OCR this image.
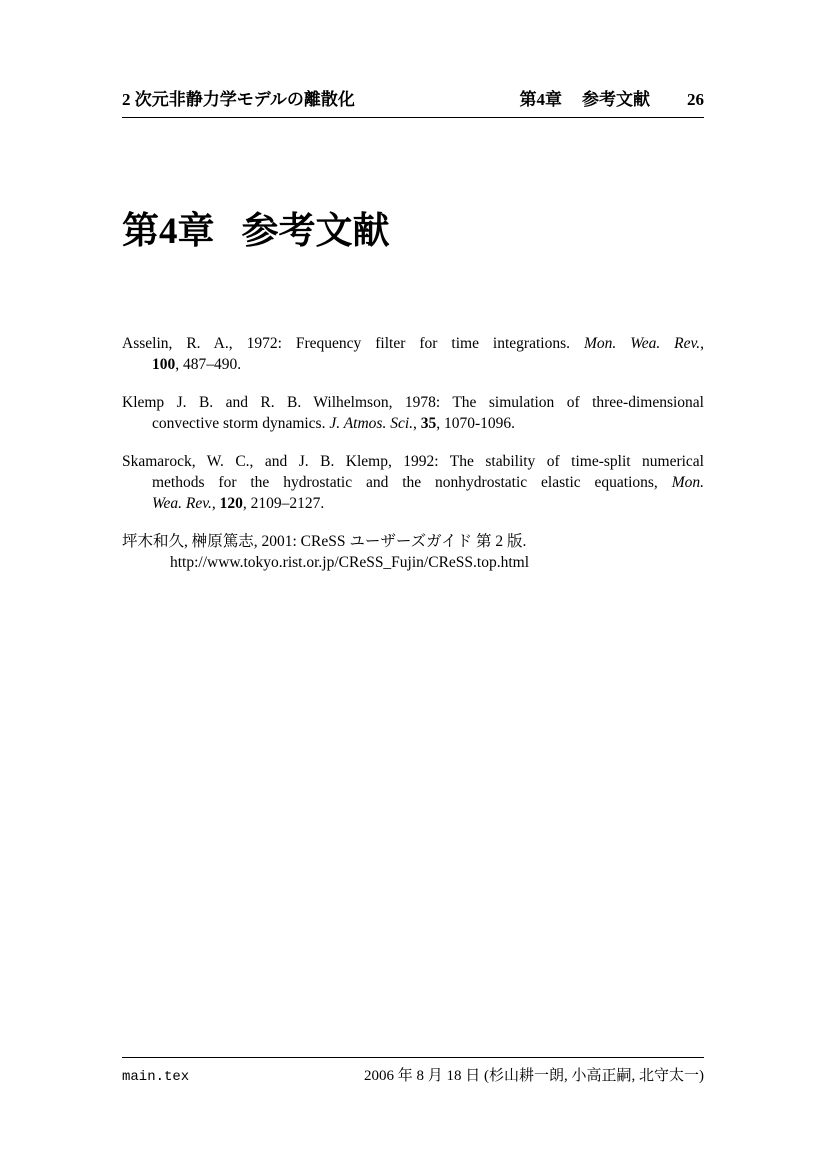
2 次元非静力学モデルの離散化	第4章 参考文献 26
第4章 参考文献

Asselin, R. A., 1972: Frequency filter for time integrations. Mon. Wea. Rev.,
100, 487–490.

Klemp J. B. and R. B. Wilhelmson, 1978: The simulation of three-dimensional
convective storm dynamics. J. Atmos. Sci., 35, 1070-1096.

Skamarock, W. C., and J. B. Klemp, 1992: The stability of time-split numerical
methods for the hydrostatic and the nonhydrostatic elastic equations, Mon.
Wea. Rev., 120, 2109–2127.

坪木和久, 榊原篤志, 2001: CReSS ユーザーズガイド 第 2 版.
http://www.tokyo.rist.or.jp/CReSS_Fujin/CReSS.top.html

main.tex	2006 年 8 月 18 日 (杉山耕一朗, 小高正嗣, 北守太一)
